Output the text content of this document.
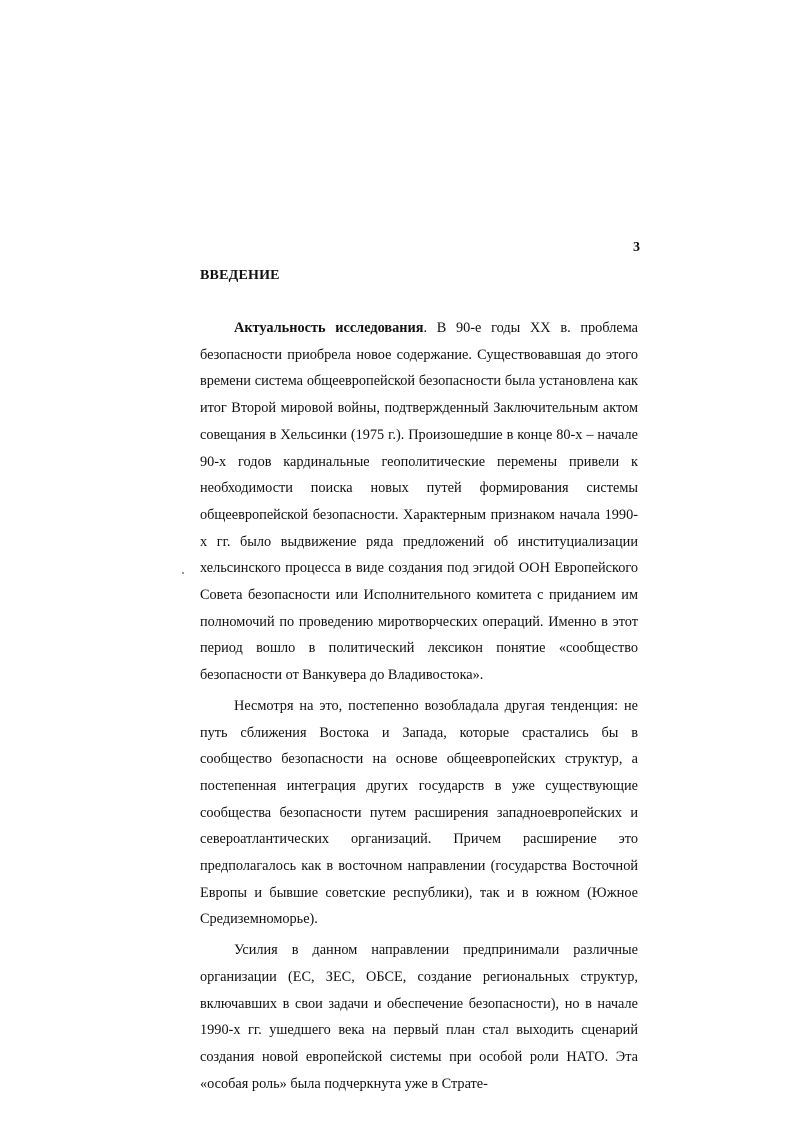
3
ВВЕДЕНИЕ

Актуальность исследования. В 90-е годы XX в. проблема безопасности приобрела новое содержание. Существовавшая до этого времени система общеевропейской безопасности была установлена как итог Второй мировой войны, подтвержденный Заключительным актом совещания в Хельсинки (1975 г.). Произошедшие в конце 80-х – начале 90-х годов кардинальные геополитические перемены привели к необходимости поиска новых путей формирования системы общеевропейской безопасности. Характерным признаком начала 1990-х гг. было выдвижение ряда предложений об институциализации хельсинского процесса в виде создания под эгидой ООН Европейского Совета безопасности или Исполнительного комитета с приданием им полномочий по проведению миротворческих операций. Именно в этот период вошло в политический лексикон понятие «сообщество безопасности от Ванкувера до Владивостока».

Несмотря на это, постепенно возобладала другая тенденция: не путь сближения Востока и Запада, которые срастались бы в сообщество безопасности на основе общеевропейских структур, а постепенная интеграция других государств в уже существующие сообщества безопасности путем расширения западноевропейских и североатлантических организаций. Причем расширение это предполагалось как в восточном направлении (государства Восточной Европы и бывшие советские республики), так и в южном (Южное Средиземноморье).

Усилия в данном направлении предпринимали различные организации (ЕС, ЗЕС, ОБСЕ, создание региональных структур, включавших в свои задачи и обеспечение безопасности), но в начале 1990-х гг. ушедшего века на первый план стал выходить сценарий создания новой европейской системы при особой роли НАТО. Эта «особая роль» была подчеркнута уже в Страте-
